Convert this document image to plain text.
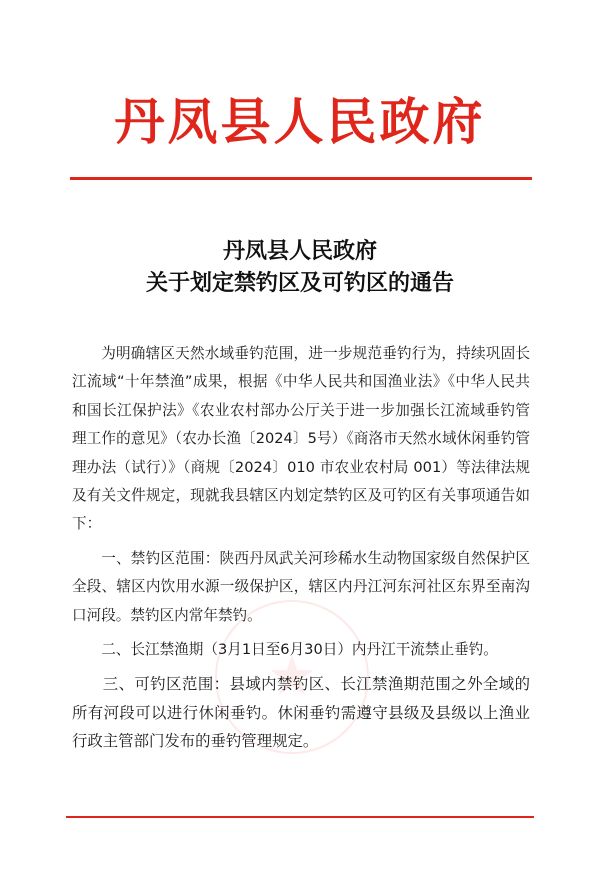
丹凤县人民政府
丹凤县人民政府
关于划定禁钓区及可钓区的通告
★

为明确辖区天然水域垂钓范围，进一步规范垂钓行为，持续巩固长江流域“十年禁渔”成果，根据《中华人民共和国渔业法》《中华人民共和国长江保护法》《农业农村部办公厅关于进一步加强长江流域垂钓管理工作的意见》（农办长渔〔2024〕5号）《商洛市天然水域休闲垂钓管理办法（试行）》（商规〔2024〕010 市农业农村局 001）等法律法规及有关文件规定，现就我县辖区内划定禁钓区及可钓区有关事项通告如下：

一、禁钓区范围：陕西丹凤武关河珍稀水生动物国家级自然保护区全段、辖区内饮用水源一级保护区，辖区内丹江河东河社区东界至南沟口河段。禁钓区内常年禁钓。

二、长江禁渔期（3月1日至6月30日）内丹江干流禁止垂钓。

三、可钓区范围：县域内禁钓区、长江禁渔期范围之外全域的所有河段可以进行休闲垂钓。休闲垂钓需遵守县级及县级以上渔业行政主管部门发布的垂钓管理规定。
